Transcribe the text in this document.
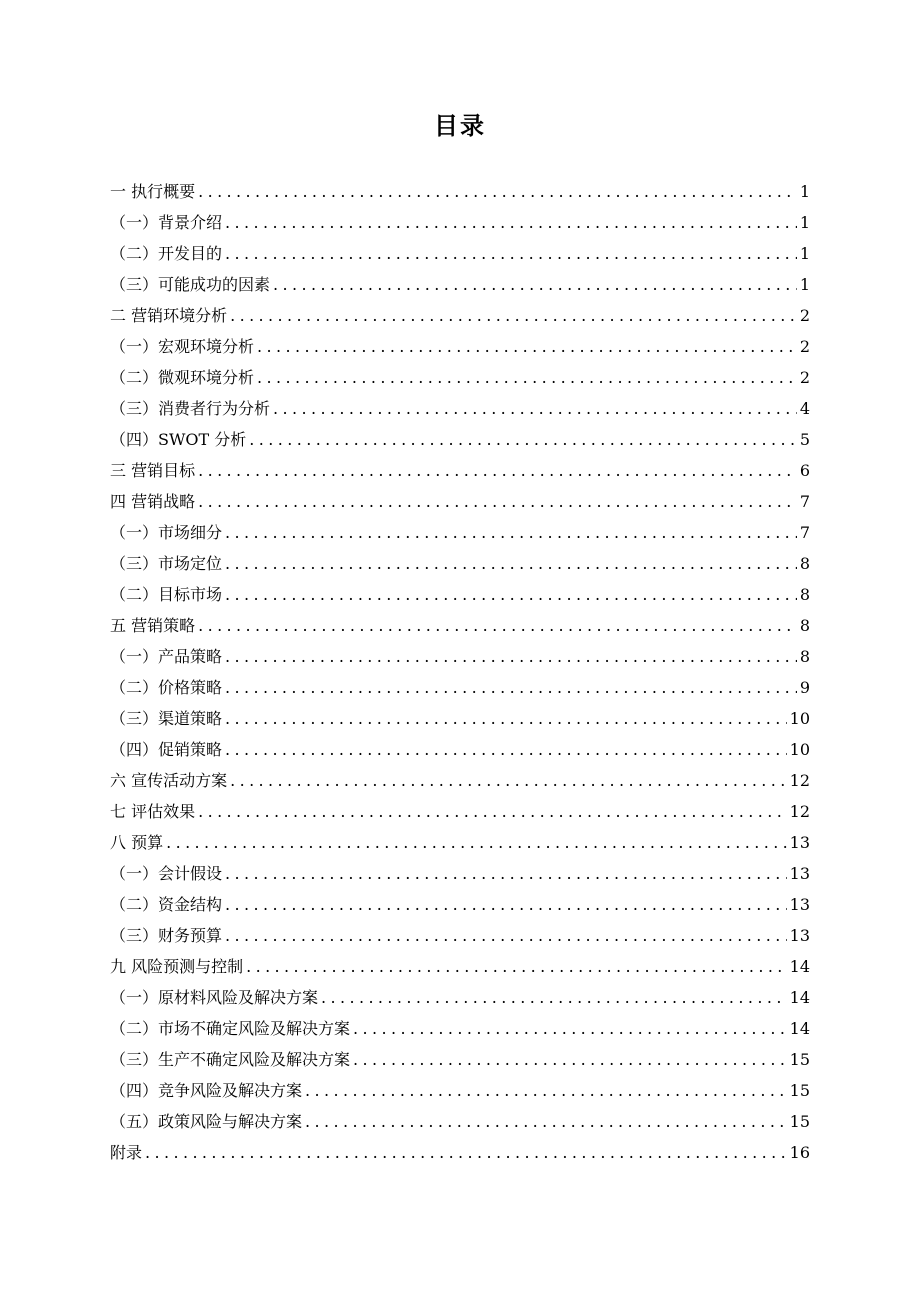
目录
一 执行概要 .....	1
（一）背景介绍 .....	1
（二）开发目的 .....	1
（三）可能成功的因素 .....	1
二 营销环境分析 .....	2
（一）宏观环境分析 .....	2
（二）微观环境分析 .....	2
（三）消费者行为分析 .....	4
（四）SWOT 分析 .....	5
三 营销目标 .....	6
四 营销战略 .....	7
（一）市场细分 .....	7
（三）市场定位 .....	8
（二）目标市场 .....	8
五 营销策略 .....	8
（一）产品策略 .....	8
（二）价格策略 .....	9
（三）渠道策略 .....	10
（四）促销策略 .....	10
六 宣传活动方案 .....	12
七 评估效果 .....	12
八 预算 .....	13
（一）会计假设 .....	13
（二）资金结构 .....	13
（三）财务预算 .....	13
九 风险预测与控制 .....	14
（一）原材料风险及解决方案 .....	14
（二）市场不确定风险及解决方案 .....	14
（三）生产不确定风险及解决方案 .....	15
（四）竞争风险及解决方案 .....	15
（五）政策风险与解决方案 .....	15
附录 .....	16
